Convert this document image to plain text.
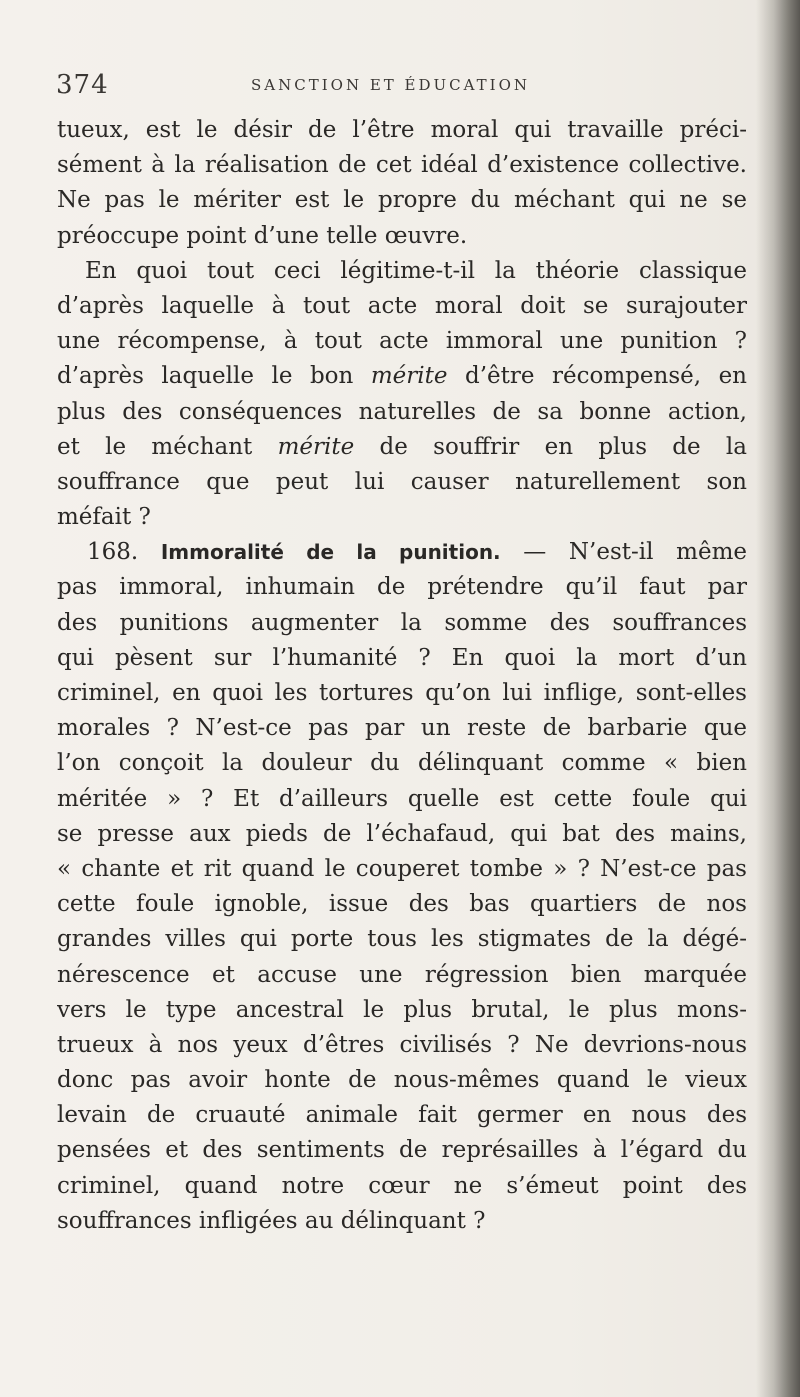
374	SANCTION ET ÉDUCATION
tueux, est le désir de l’être moral qui travaille préci-
sément à la réalisation de cet idéal d’existence collective.
Ne pas le mériter est le propre du méchant qui ne se
préoccupe point d’une telle œuvre.
En quoi tout ceci légitime-t-il la théorie classique
d’après laquelle à tout acte moral doit se surajouter
une récompense, à tout acte immoral une punition ?
d’après laquelle le bon mérite d’être récompensé, en
plus des conséquences naturelles de sa bonne action,
et le méchant mérite de souffrir en plus de la
souffrance que peut lui causer naturellement son
méfait ?
168. Immoralité de la punition. — N’est-il même
pas immoral, inhumain de prétendre qu’il faut par
des punitions augmenter la somme des souffrances
qui pèsent sur l’humanité ? En quoi la mort d’un
criminel, en quoi les tortures qu’on lui inflige, sont-elles
morales ? N’est-ce pas par un reste de barbarie que
l’on conçoit la douleur du délinquant comme « bien
méritée » ? Et d’ailleurs quelle est cette foule qui
se presse aux pieds de l’échafaud, qui bat des mains,
« chante et rit quand le couperet tombe » ? N’est-ce pas
cette foule ignoble, issue des bas quartiers de nos
grandes villes qui porte tous les stigmates de la dégé-
nérescence et accuse une régression bien marquée
vers le type ancestral le plus brutal, le plus mons-
trueux à nos yeux d’êtres civilisés ? Ne devrions-nous
donc pas avoir honte de nous-mêmes quand le vieux
levain de cruauté animale fait germer en nous des
pensées et des sentiments de représailles à l’égard du
criminel, quand notre cœur ne s’émeut point des
souffrances infligées au délinquant ?
